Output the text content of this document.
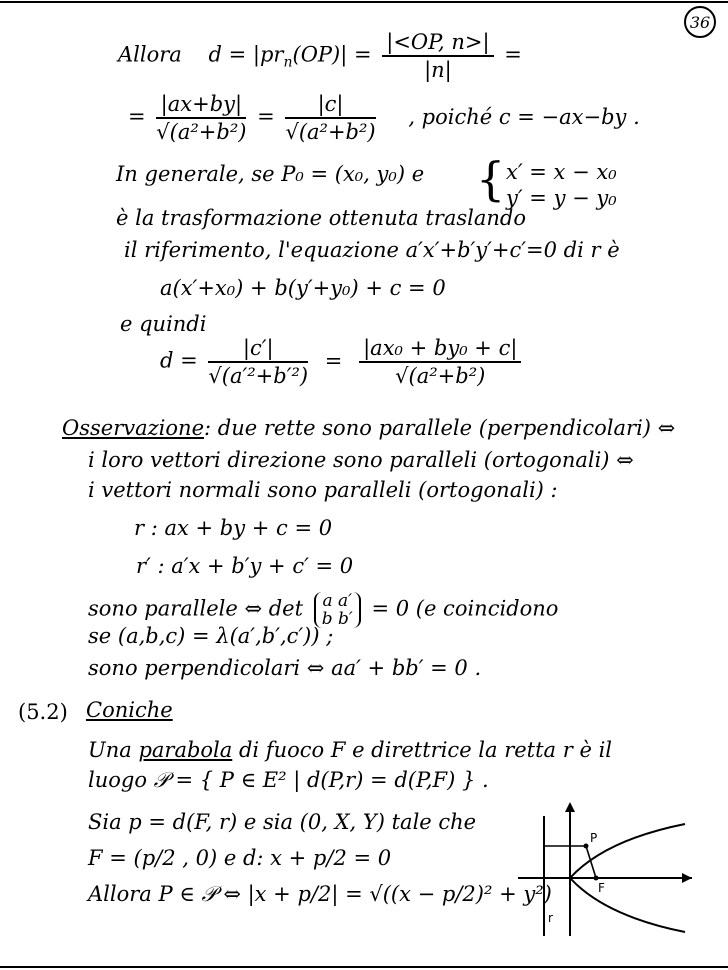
36
Allora $d = |pr_n(OP)| = \frac{|<OP, n>|}{|n|}$ =
= $\frac{|ax+by|}{\text{√(a²+b²)}} = \frac{|c|}{\text{√(a²+b²)}}$ , poiché c = −ax−by .
In generale, se P₀ = (x₀, y₀) e { x′ = x − x₀
y′ = y − y₀
è la trasformazione ottenuta traslando
il riferimento, l'equazione a′x′+b′y′+c′=0 di r è
a(x′+x₀) + b(y′+y₀) + c = 0
e quindi
$d = \frac{|c'|}{\text{√(a′²+b′²)}} = \frac{\text{|ax₀ + by₀ + c|}}{\text{√(a²+b²)}}$
Osservazione: due rette sono parallele (perpendicolari) ⇔
i loro vettori direzione sono paralleli (ortogonali) ⇔
i vettori normali sono paralleli (ortogonali) :
r : ax + by + c = 0
r′ : a′x + b′y + c′ = 0
sono parallele ⇔ det a a′
b b′ = 0 (e coincidono
se (a,b,c) = λ(a′,b′,c′)) ;
sono perpendicolari ⇔ aa′ + bb′ = 0 .
(5.2) Coniche
Una parabola di fuoco F e direttrice la retta r è il
luogo 𝒫 = { P ∈ E² | d(P,r) = d(P,F) } .
Sia p = d(F, r) e sia (0, X, Y) tale che
F = (p/2 , 0) e d: x + p/2 = 0
Allora P ∈ 𝒫 ⇔ |x + p/2| = √((x − p/2)² + y²)
P
F
r
